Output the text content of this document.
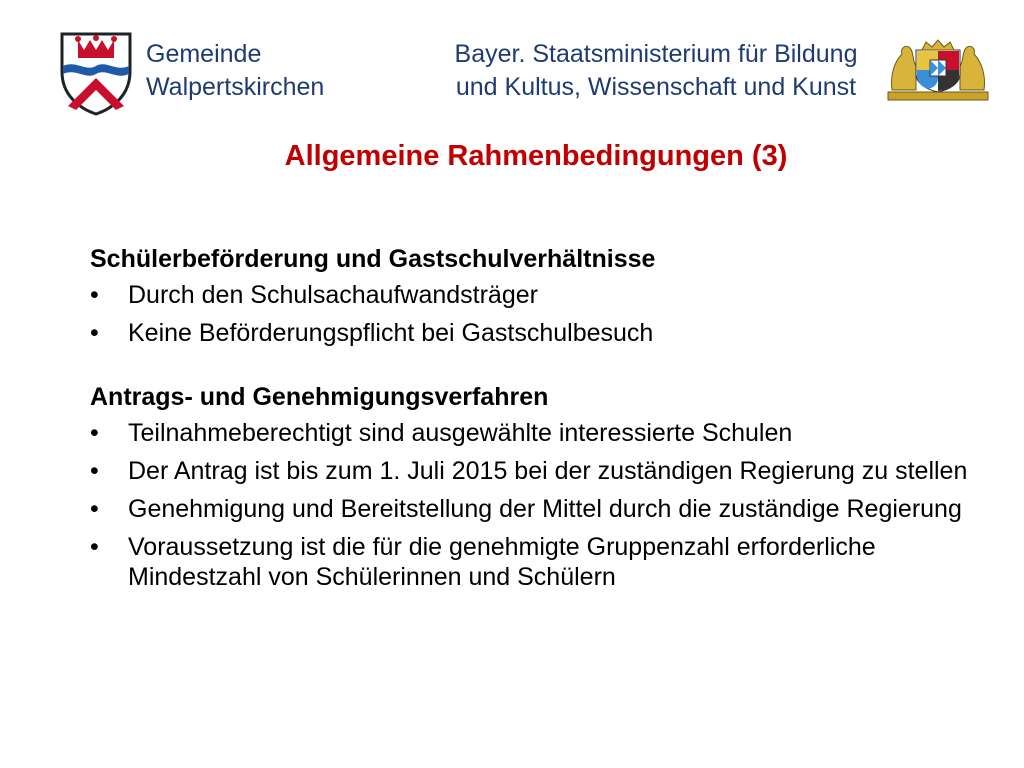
Gemeinde
Walpertskirchen
Bayer. Staatsministerium für Bildung
und Kultus, Wissenschaft und Kunst
Allgemeine Rahmenbedingungen (3)
Schülerbeförderung und Gastschulverhältnisse
• Durch den Schulsachaufwandsträger
• Keine Beförderungspflicht bei Gastschulbesuch
Antrags- und Genehmigungsverfahren
• Teilnahmeberechtigt sind ausgewählte interessierte Schulen
• Der Antrag ist bis zum 1. Juli 2015 bei der zuständigen Regierung zu stellen
• Genehmigung und Bereitstellung der Mittel durch die zuständige Regierung
• Voraussetzung ist die für die genehmigte Gruppenzahl erforderliche Mindestzahl von Schülerinnen und Schülern
